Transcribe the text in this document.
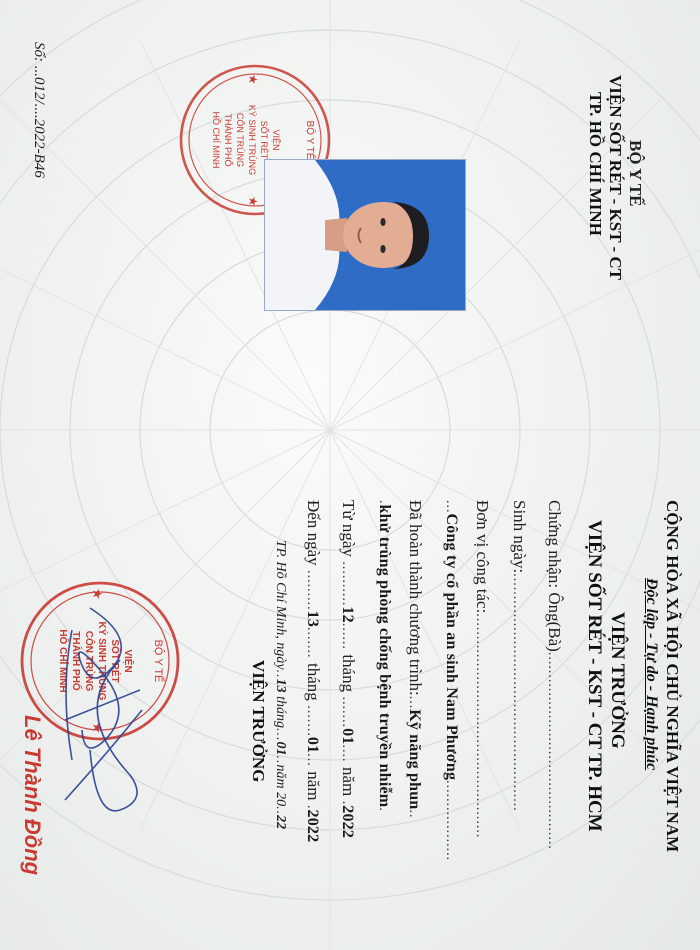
BỘ Y TẾ
VIỆN SỐT RÉT - KST - CT
TP. HỒ CHÍ MINH
Số: ...012/....2022-B46	BỘ Y TẾ
VIỆN
SỐT RÉT
KÝ SINH TRÙNG
CÔN TRÙNG
THÀNH PHỐ
HỒ CHÍ MINH
★
★
CỘNG HÒA XÃ HỘI CHỦ NGHĨA VIỆT NAM
Độc lập - Tự do - Hạnh phúc
VIỆN TRƯỞNG
VIỆN SỐT RÉT - KST - CT TP. HCM
Chứng nhận: Ông(Bà)............................................
Sinh ngày:.....................................................
Đơn vị công tác:..................................................
...Công ty cổ phần an sinh Nam Phương..................
Đã hoàn thành chương trình:...Kỹ năng phun..
.khử trùng phòng chống bệnh truyền nhiễm.
Từ ngày ..........12...... tháng .......01.... năm .2022
Đến ngày .........13....... tháng .......01... năm .2022
TP. Hồ Chí Minh, ngày..13 tháng...01..năm 20..22
VIỆN TRƯỞNG
BỘ Y TẾ
VIỆN
SỐT RÉT
KÝ SINH TRÙNG
CÔN TRÙNG
THÀNH PHỐ
HỒ CHÍ MINH
★
★
Lê Thành Đồng
